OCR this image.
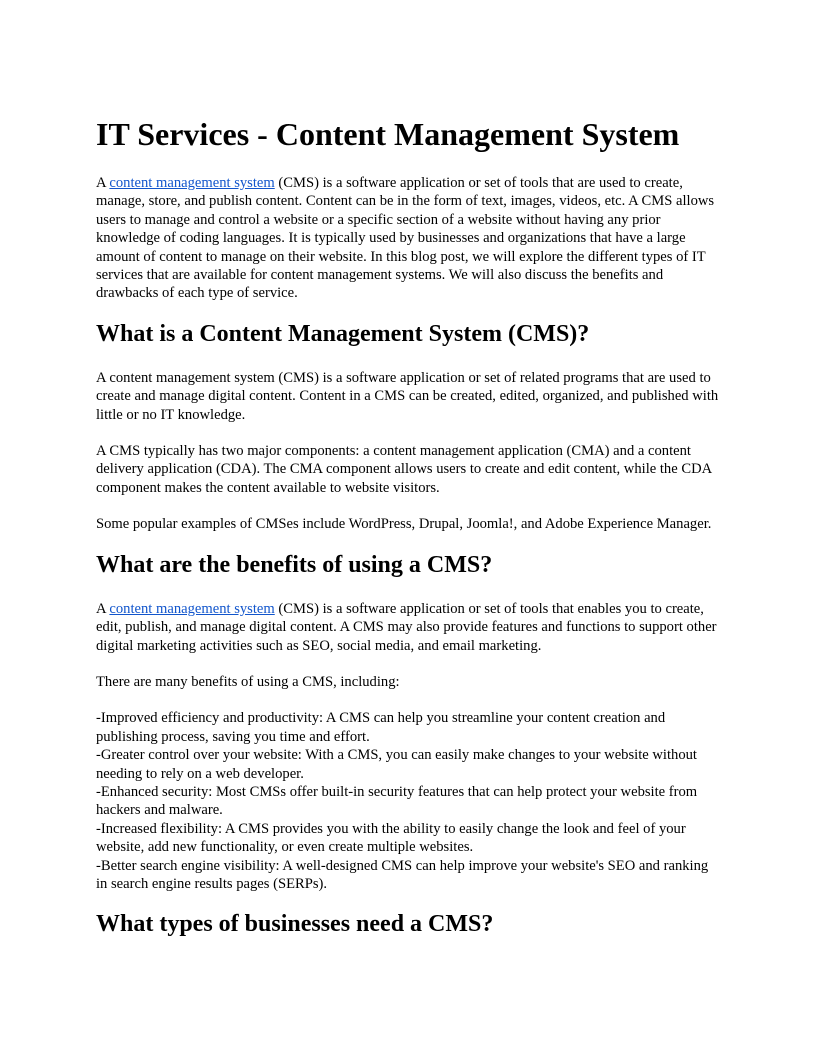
IT Services - Content Management System

A content management system (CMS) is a software application or set of tools that are used to create, manage, store, and publish content. Content can be in the form of text, images, videos, etc. A CMS allows users to manage and control a website or a specific section of a website without having any prior knowledge of coding languages. It is typically used by businesses and organizations that have a large amount of content to manage on their website. In this blog post, we will explore the different types of IT services that are available for content management systems. We will also discuss the benefits and drawbacks of each type of service.

What is a Content Management System (CMS)?

A content management system (CMS) is a software application or set of related programs that are used to create and manage digital content. Content in a CMS can be created, edited, organized, and published with little or no IT knowledge.

A CMS typically has two major components: a content management application (CMA) and a content delivery application (CDA). The CMA component allows users to create and edit content, while the CDA component makes the content available to website visitors.

Some popular examples of CMSes include WordPress, Drupal, Joomla!, and Adobe Experience Manager.

What are the benefits of using a CMS?

A content management system (CMS) is a software application or set of tools that enables you to create, edit, publish, and manage digital content. A CMS may also provide features and functions to support other digital marketing activities such as SEO, social media, and email marketing.

There are many benefits of using a CMS, including:

-Improved efficiency and productivity: A CMS can help you streamline your content creation and publishing process, saving you time and effort.

-Greater control over your website: With a CMS, you can easily make changes to your website without needing to rely on a web developer.

-Enhanced security: Most CMSs offer built-in security features that can help protect your website from hackers and malware.

-Increased flexibility: A CMS provides you with the ability to easily change the look and feel of your website, add new functionality, or even create multiple websites.

-Better search engine visibility: A well-designed CMS can help improve your website's SEO and ranking in search engine results pages (SERPs).

What types of businesses need a CMS?
